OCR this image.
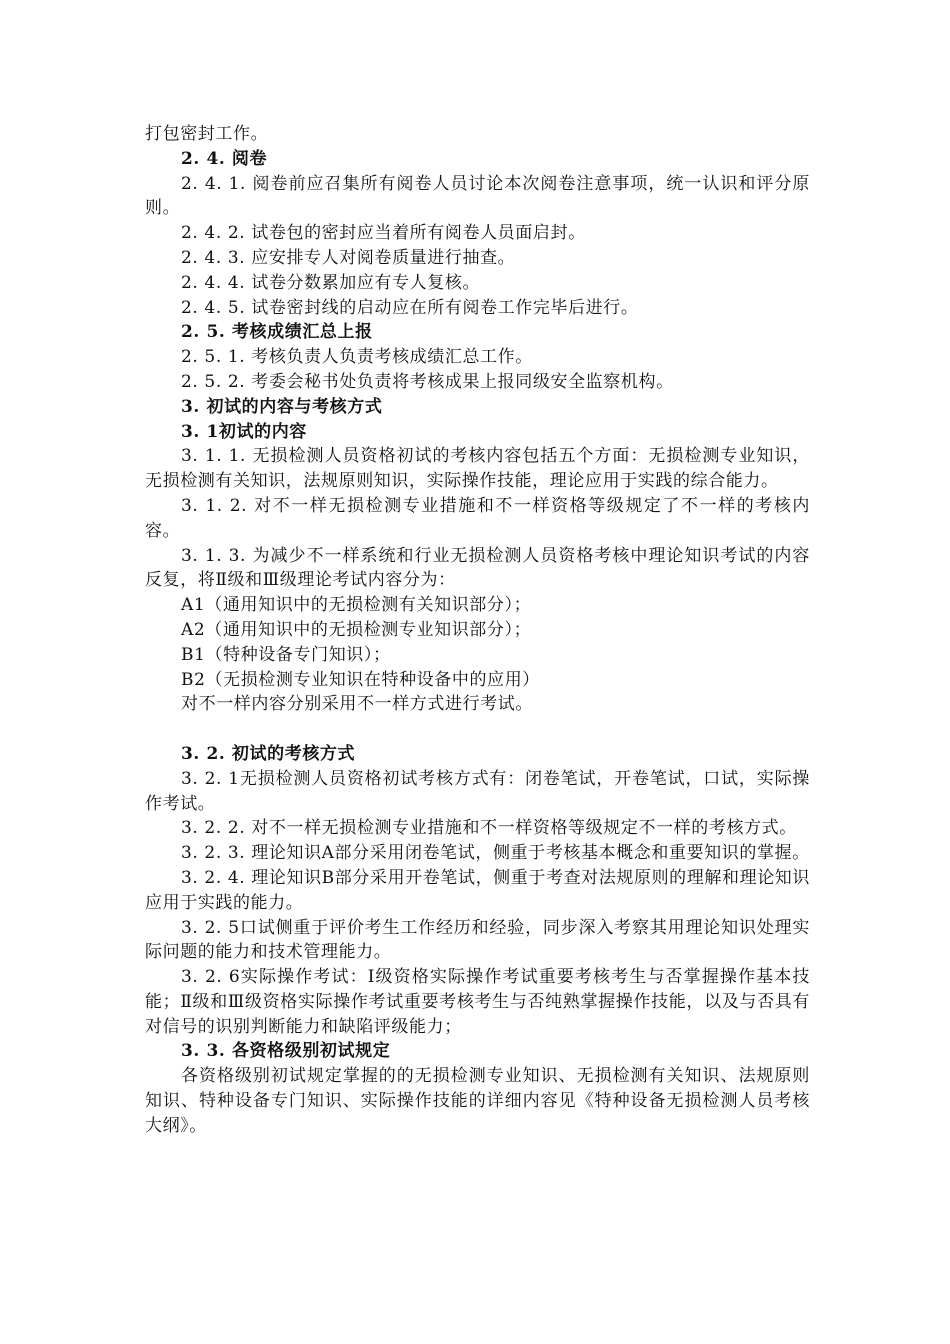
打包密封工作。

2. 4. 阅卷

2. 4. 1. 阅卷前应召集所有阅卷人员讨论本次阅卷注意事项，统一认识和评分原则。

2. 4. 2. 试卷包的密封应当着所有阅卷人员面启封。

2. 4. 3. 应安排专人对阅卷质量进行抽查。

2. 4. 4. 试卷分数累加应有专人复核。

2. 4. 5. 试卷密封线的启动应在所有阅卷工作完毕后进行。

2. 5. 考核成绩汇总上报

2. 5. 1. 考核负责人负责考核成绩汇总工作。

2. 5. 2. 考委会秘书处负责将考核成果上报同级安全监察机构。

3. 初试的内容与考核方式

3. 1初试的内容

3. 1. 1. 无损检测人员资格初试的考核内容包括五个方面：无损检测专业知识，无损检测有关知识，法规原则知识，实际操作技能，理论应用于实践的综合能力。

3. 1. 2. 对不一样无损检测专业措施和不一样资格等级规定了不一样的考核内容。

3. 1. 3. 为减少不一样系统和行业无损检测人员资格考核中理论知识考试的内容反复，将Ⅱ级和Ⅲ级理论考试内容分为：

A1（通用知识中的无损检测有关知识部分）；

A2（通用知识中的无损检测专业知识部分）；

B1（特种设备专门知识）；

B2（无损检测专业知识在特种设备中的应用）

对不一样内容分别采用不一样方式进行考试。

3. 2. 初试的考核方式

3. 2. 1无损检测人员资格初试考核方式有：闭卷笔试，开卷笔试，口试，实际操作考试。

3. 2. 2. 对不一样无损检测专业措施和不一样资格等级规定不一样的考核方式。

3. 2. 3. 理论知识A部分采用闭卷笔试，侧重于考核基本概念和重要知识的掌握。

3. 2. 4. 理论知识B部分采用开卷笔试，侧重于考查对法规原则的理解和理论知识应用于实践的能力。

3. 2. 5口试侧重于评价考生工作经历和经验，同步深入考察其用理论知识处理实际问题的能力和技术管理能力。

3. 2. 6实际操作考试：Ⅰ级资格实际操作考试重要考核考生与否掌握操作基本技能；Ⅱ级和Ⅲ级资格实际操作考试重要考核考生与否纯熟掌握操作技能，以及与否具有对信号的识别判断能力和缺陷评级能力；

3. 3. 各资格级别初试规定

各资格级别初试规定掌握的的无损检测专业知识、无损检测有关知识、法规原则知识、特种设备专门知识、实际操作技能的详细内容见《特种设备无损检测人员考核大纲》。
